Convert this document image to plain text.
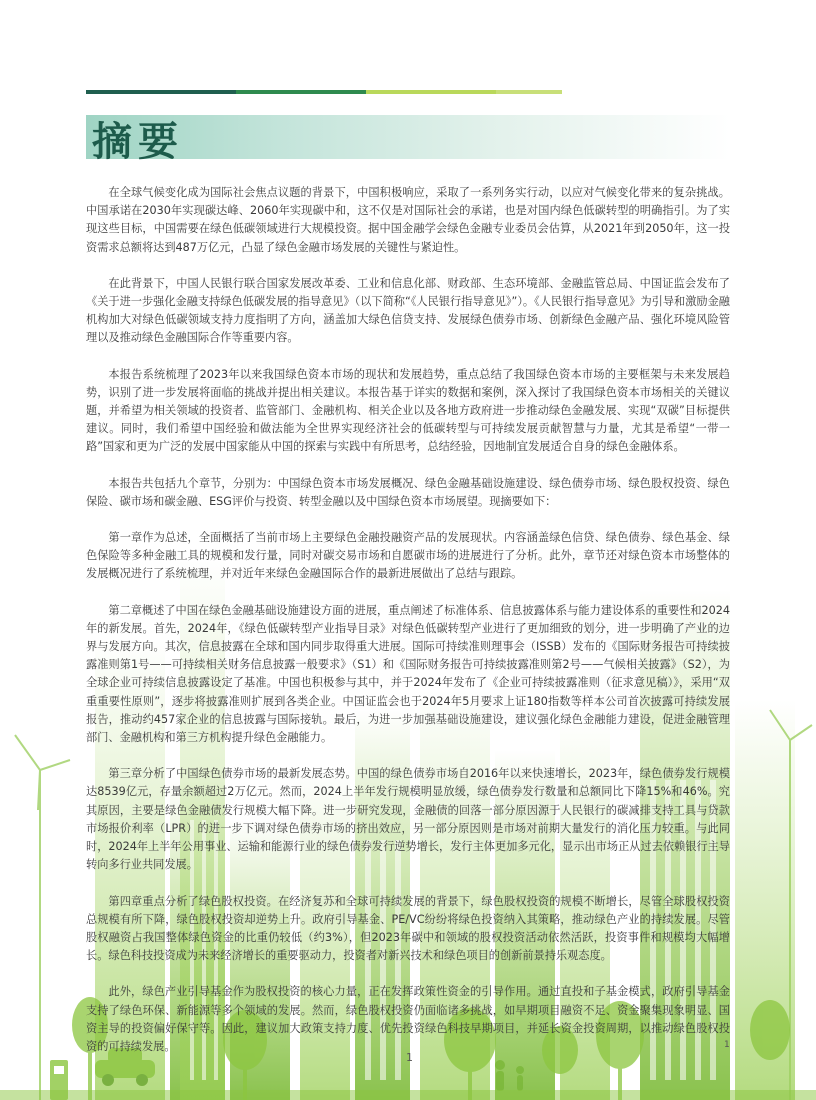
摘要

在全球气候变化成为国际社会焦点议题的背景下，中国积极响应，采取了一系列务实行动，以应对气候变化带来的复杂挑战。中国承诺在2030年实现碳达峰、2060年实现碳中和，这不仅是对国际社会的承诺，也是对国内绿色低碳转型的明确指引。为了实现这些目标，中国需要在绿色低碳领域进行大规模投资。据中国金融学会绿色金融专业委员会估算，从2021年到2050年，这一投资需求总额将达到487万亿元，凸显了绿色金融市场发展的关键性与紧迫性。

在此背景下，中国人民银行联合国家发展改革委、工业和信息化部、财政部、生态环境部、金融监管总局、中国证监会发布了《关于进一步强化金融支持绿色低碳发展的指导意见》（以下简称“《人民银行指导意见》”）。《人民银行指导意见》为引导和激励金融机构加大对绿色低碳领域支持力度指明了方向，涵盖加大绿色信贷支持、发展绿色债券市场、创新绿色金融产品、强化环境风险管理以及推动绿色金融国际合作等重要内容。

本报告系统梳理了2023年以来我国绿色资本市场的现状和发展趋势，重点总结了我国绿色资本市场的主要框架与未来发展趋势，识别了进一步发展将面临的挑战并提出相关建议。本报告基于详实的数据和案例，深入探讨了我国绿色资本市场相关的关键议题，并希望为相关领域的投资者、监管部门、金融机构、相关企业以及各地方政府进一步推动绿色金融发展、实现“双碳”目标提供建议。同时，我们希望中国经验和做法能为全世界实现经济社会的低碳转型与可持续发展贡献智慧与力量，尤其是希望“一带一路”国家和更为广泛的发展中国家能从中国的探索与实践中有所思考，总结经验，因地制宜发展适合自身的绿色金融体系。

本报告共包括九个章节，分别为：中国绿色资本市场发展概况、绿色金融基础设施建设、绿色债券市场、绿色股权投资、绿色保险、碳市场和碳金融、ESG评价与投资、转型金融以及中国绿色资本市场展望。现摘要如下：

第一章作为总述，全面概括了当前市场上主要绿色金融投融资产品的发展现状。内容涵盖绿色信贷、绿色债券、绿色基金、绿色保险等多种金融工具的规模和发行量，同时对碳交易市场和自愿碳市场的进展进行了分析。此外，章节还对绿色资本市场整体的发展概况进行了系统梳理，并对近年来绿色金融国际合作的最新进展做出了总结与跟踪。

第二章概述了中国在绿色金融基础设施建设方面的进展，重点阐述了标准体系、信息披露体系与能力建设体系的重要性和2024年的新发展。首先，2024年，《绿色低碳转型产业指导目录》对绿色低碳转型产业进行了更加细致的划分，进一步明确了产业的边界与发展方向。其次，信息披露在全球和国内同步取得重大进展。国际可持续准则理事会（ISSB）发布的《国际财务报告可持续披露准则第1号——可持续相关财务信息披露一般要求》（S1）和《国际财务报告可持续披露准则第2号——气候相关披露》（S2），为全球企业可持续信息披露设定了基准。中国也积极参与其中，并于2024年发布了《企业可持续披露准则（征求意见稿）》，采用“双重重要性原则”，逐步将披露准则扩展到各类企业。中国证监会也于2024年5月要求上证180指数等样本公司首次披露可持续发展报告，推动约457家企业的信息披露与国际接轨。最后，为进一步加强基础设施建设，建议强化绿色金融能力建设，促进金融管理部门、金融机构和第三方机构提升绿色金融能力。

第三章分析了中国绿色债券市场的最新发展态势。中国的绿色债券市场自2016年以来快速增长，2023年，绿色债券发行规模达8539亿元，存量余额超过2万亿元。然而，2024上半年发行规模明显放缓，绿色债券发行数量和总额同比下降15%和46%。究其原因，主要是绿色金融债发行规模大幅下降。进一步研究发现，金融债的回落一部分原因源于人民银行的碳减排支持工具与贷款市场报价利率（LPR）的进一步下调对绿色债券市场的挤出效应，另一部分原因则是市场对前期大量发行的消化压力较重。与此同时，2024年上半年公用事业、运输和能源行业的绿色债券发行逆势增长，发行主体更加多元化，显示出市场正从过去依赖银行主导转向多行业共同发展。

第四章重点分析了绿色股权投资。在经济复苏和全球可持续发展的背景下，绿色股权投资的规模不断增长，尽管全球股权投资总规模有所下降，绿色股权投资却逆势上升。政府引导基金、PE/VC纷纷将绿色投资纳入其策略，推动绿色产业的持续发展。尽管股权融资占我国整体绿色资金的比重仍较低（约3%），但2023年碳中和领域的股权投资活动依然活跃，投资事件和规模均大幅增长。绿色科技投资成为未来经济增长的重要驱动力，投资者对新兴技术和绿色项目的创新前景持乐观态度。

此外，绿色产业引导基金作为股权投资的核心力量，正在发挥政策性资金的引导作用。通过直投和子基金模式，政府引导基金支持了绿色环保、新能源等多个领域的发展。然而，绿色股权投资仍面临诸多挑战，如早期项目融资不足、资金聚集现象明显、国资主导的投资偏好保守等。因此，建议加大政策支持力度、优先投资绿色科技早期项目，并延长资金投资周期，以推动绿色股权投资的可持续发展。

1
1
